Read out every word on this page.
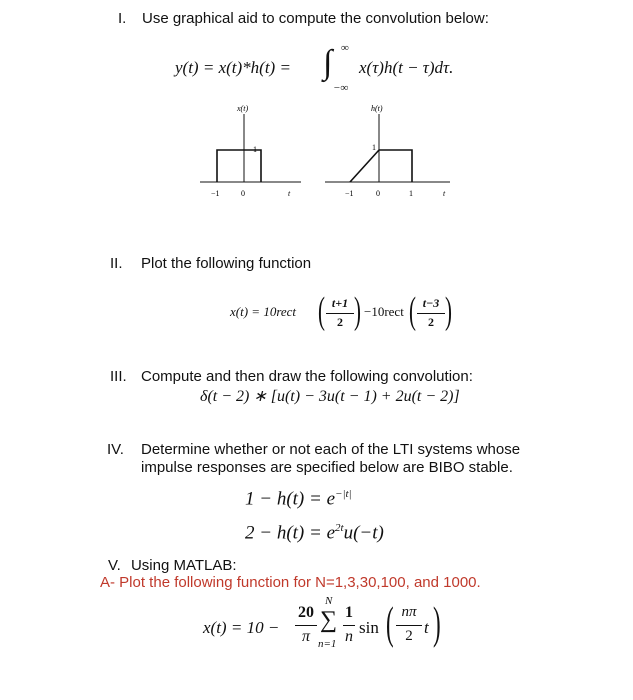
I. Use graphical aid to compute the convolution below:
y(t) = x(t)*h(t) = ∫ ∞
−∞
x(τ)h(t − τ)dτ.
x(t)
1
−1	0	t
h(t)
1
−1	0	1	t
II. Plot the following function
x(t) = 10rect ( t+1
2 ) −10rect ( t−3
2 )
III. Compute and then draw the following convolution:
δ(t − 2) ∗ [u(t) − 3u(t − 1) + 2u(t − 2)]
IV. Determine whether or not each of the LTI systems whose
impulse responses are specified below are BIBO stable.
$1 - h(t) = e^{-|t|}$
$2 - h(t) = e^{2t}u(-t)$
V. Using MATLAB:
A- Plot the following function for N=1,3,30,100, and 1000.
x(t) = 10 −
20
π
N
∑
n=1
1
n sin ( nπ
2 t )
